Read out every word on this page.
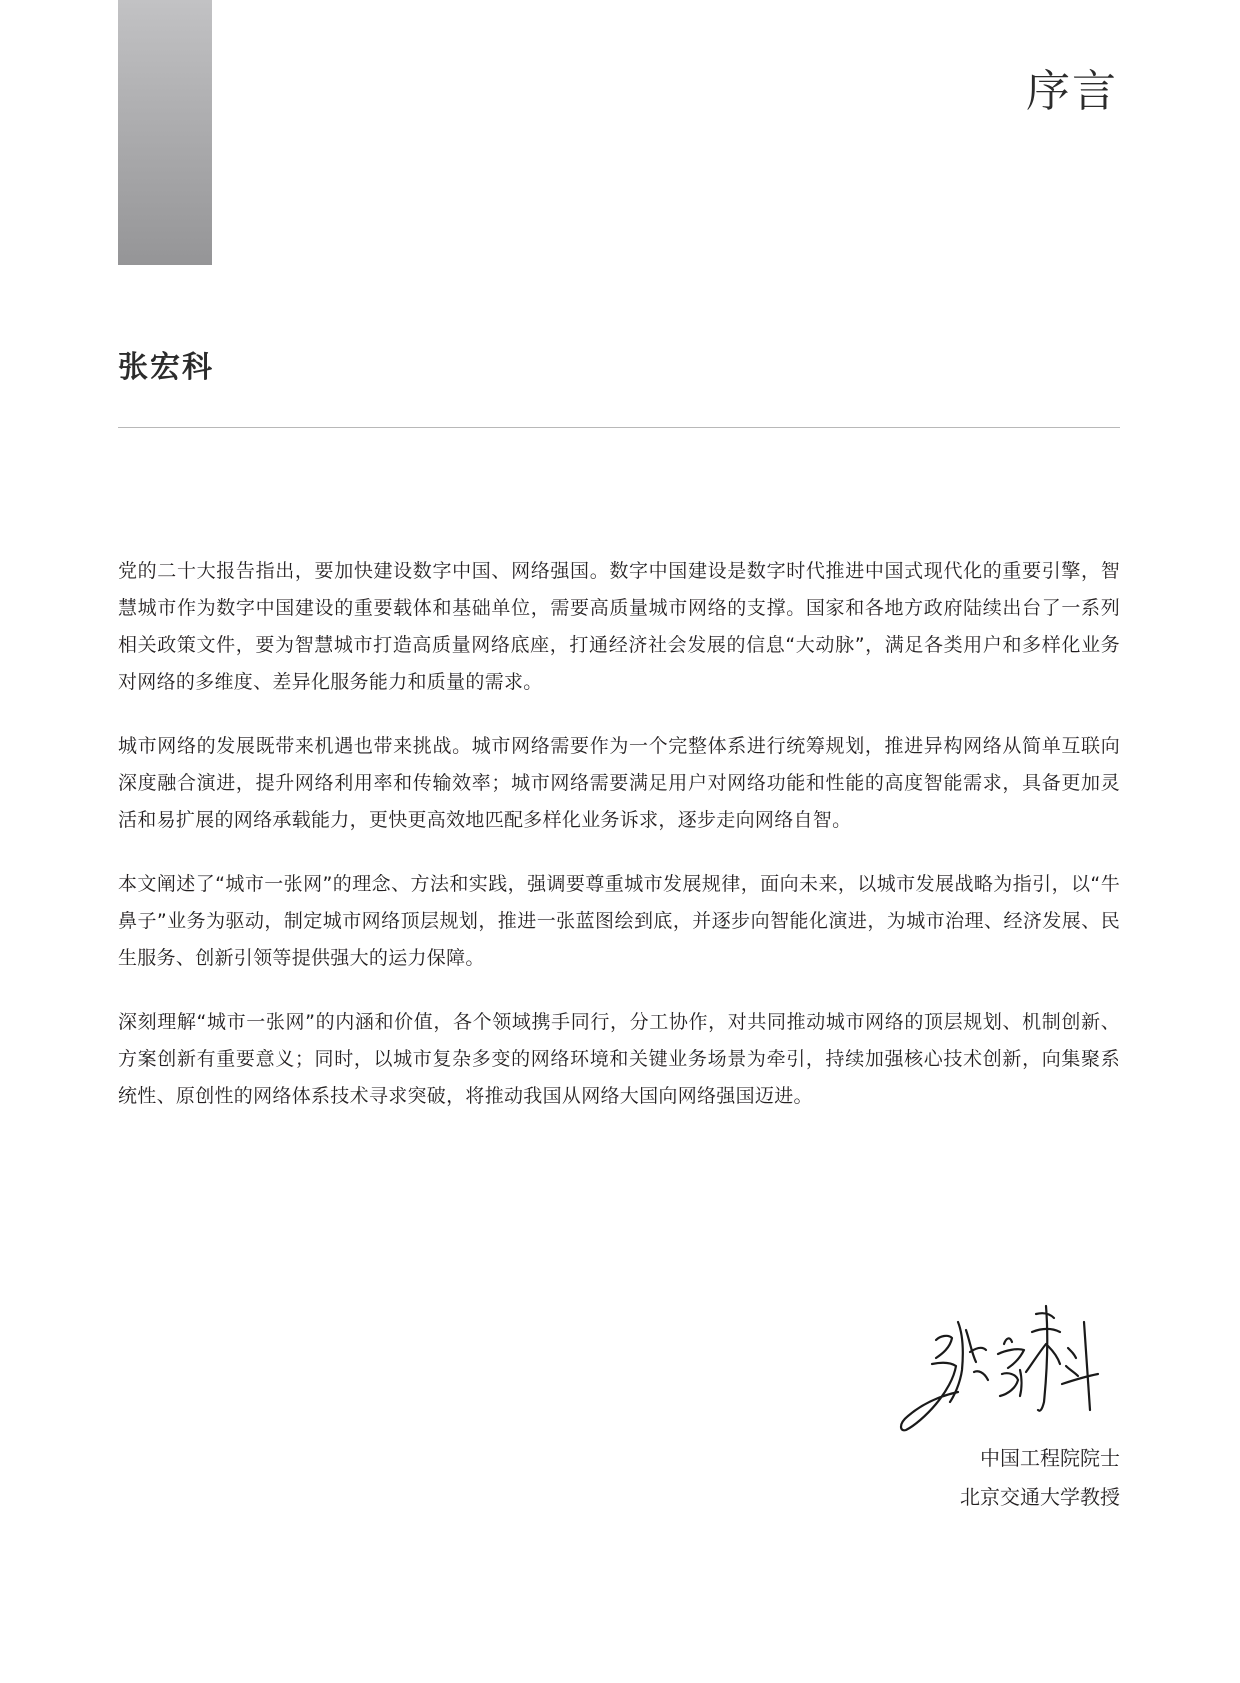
序言
张宏科

党的二十大报告指出，要加快建设数字中国、网络强国。数字中国建设是数字时代推进中国式现代化的重要引擎，智慧城市作为数字中国建设的重要载体和基础单位，需要高质量城市网络的支撑。国家和各地方政府陆续出台了一系列相关政策文件，要为智慧城市打造高质量网络底座，打通经济社会发展的信息“大动脉”，满足各类用户和多样化业务对网络的多维度、差异化服务能力和质量的需求。

城市网络的发展既带来机遇也带来挑战。城市网络需要作为一个完整体系进行统筹规划，推进异构网络从简单互联向深度融合演进，提升网络利用率和传输效率；城市网络需要满足用户对网络功能和性能的高度智能需求，具备更加灵活和易扩展的网络承载能力，更快更高效地匹配多样化业务诉求，逐步走向网络自智。

本文阐述了“城市一张网”的理念、方法和实践，强调要尊重城市发展规律，面向未来，以城市发展战略为指引，以“牛鼻子”业务为驱动，制定城市网络顶层规划，推进一张蓝图绘到底，并逐步向智能化演进，为城市治理、经济发展、民生服务、创新引领等提供强大的运力保障。

深刻理解“城市一张网”的内涵和价值，各个领域携手同行，分工协作，对共同推动城市网络的顶层规划、机制创新、方案创新有重要意义；同时，以城市复杂多变的网络环境和关键业务场景为牵引，持续加强核心技术创新，向集聚系统性、原创性的网络体系技术寻求突破，将推动我国从网络大国向网络强国迈进。

中国工程院院士
北京交通大学教授
